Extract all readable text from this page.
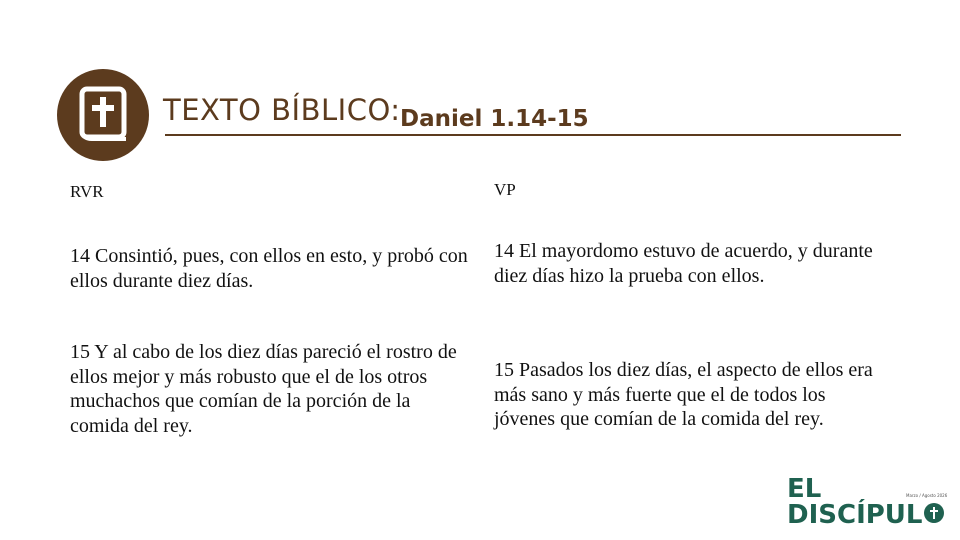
TEXTO BÍBLICO: Daniel 1.14-15
RVR
14 Consintió, pues, con ellos en esto, y probó con ellos durante diez días.
15 Y al cabo de los diez días pareció el rostro de ellos mejor y más robusto que el de los otros muchachos que comían de la porción de la comida del rey.
VP
14 El mayordomo estuvo de acuerdo, y durante diez días hizo la prueba con ellos.
15 Pasados los diez días, el aspecto de ellos era más sano y más fuerte que el de todos los jóvenes que comían de la comida del rey.
EL
DISCÍPUL
Marzo / Agosto 2026
